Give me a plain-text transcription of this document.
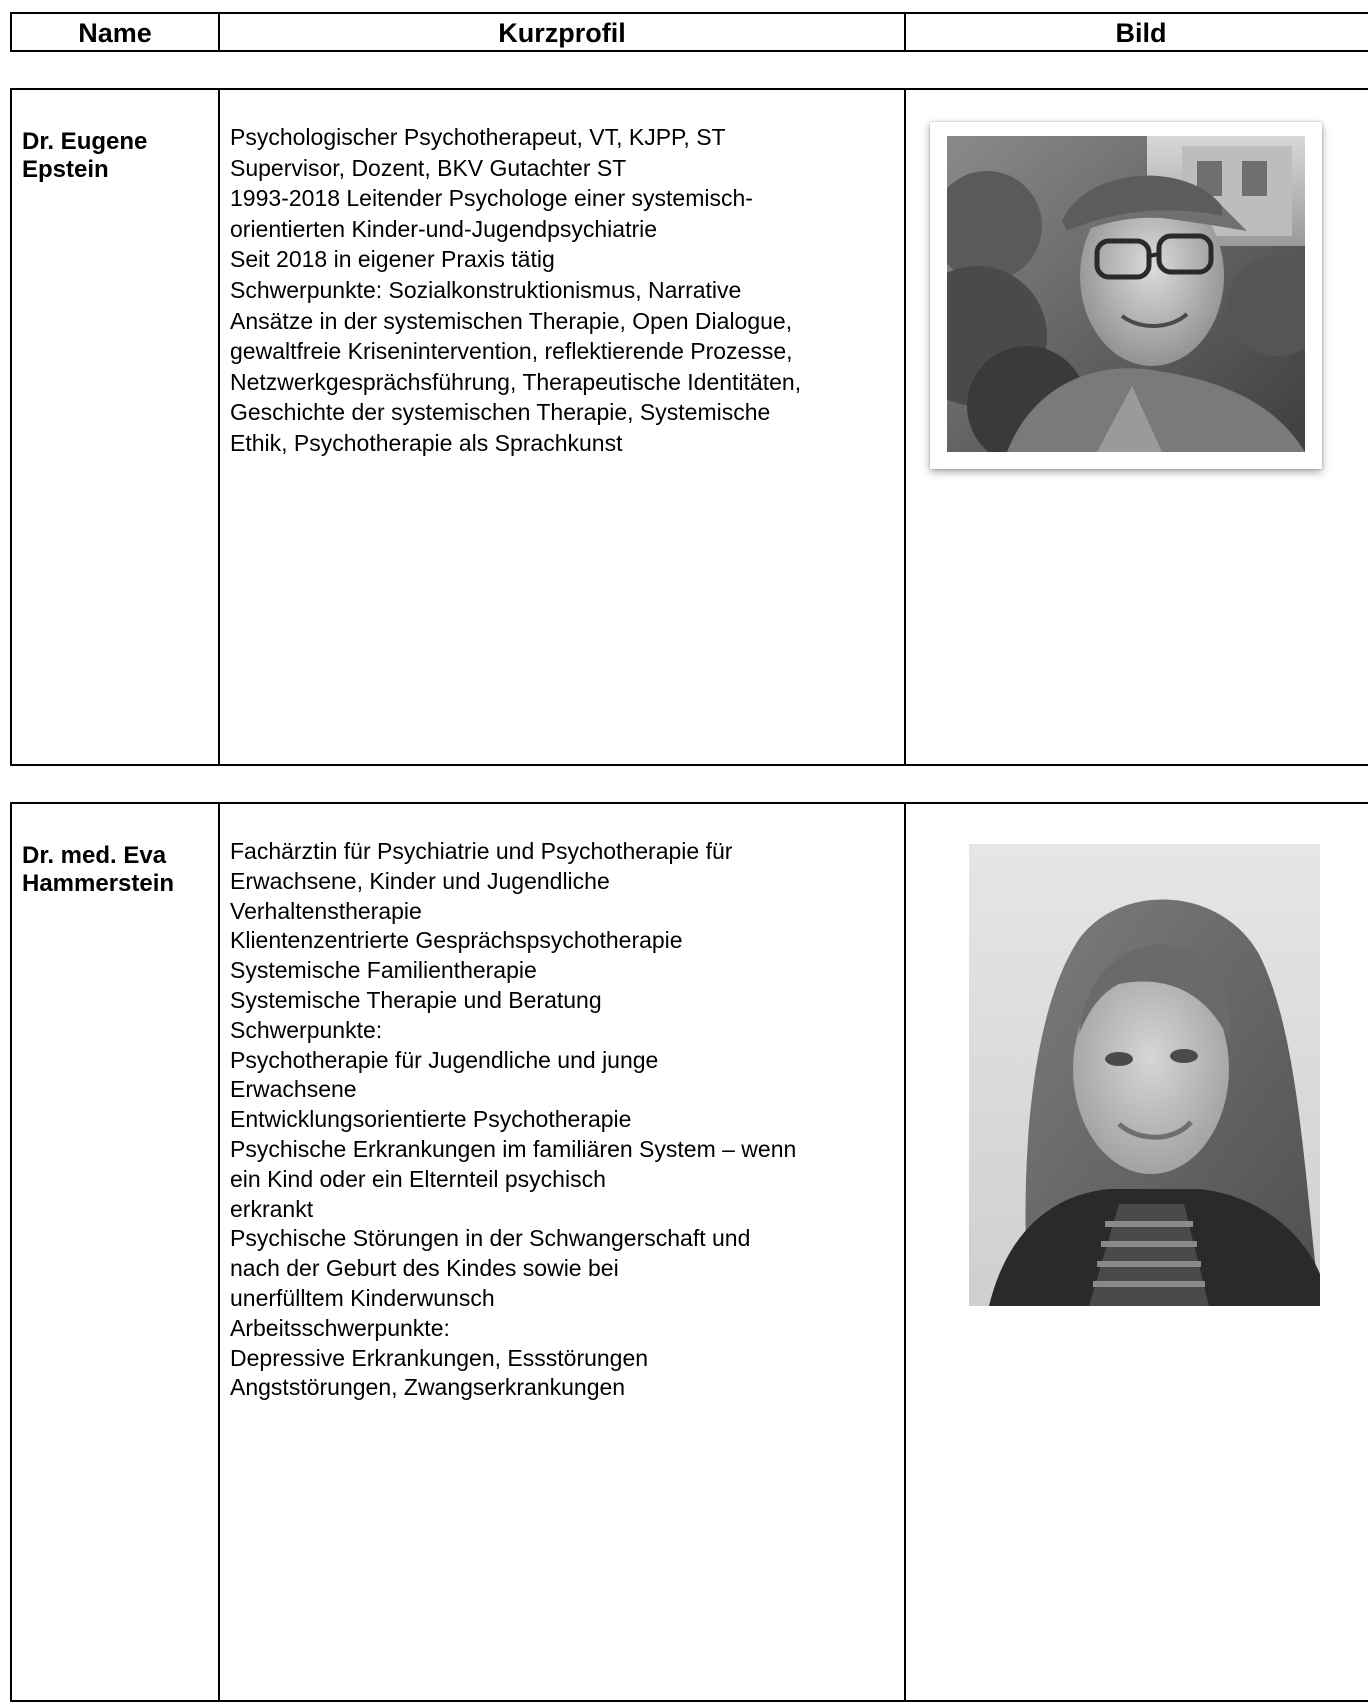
Name	Kurzprofil	Bild
Dr. Eugene
Epstein
Psychologischer Psychotherapeut, VT, KJPP, ST
Supervisor, Dozent, BKV Gutachter ST
1993-2018 Leitender Psychologe einer systemisch-
orientierten Kinder-und-Jugendpsychiatrie
Seit 2018 in eigener Praxis tätig
Schwerpunkte: Sozialkonstruktionismus, Narrative
Ansätze in der systemischen Therapie, Open Dialogue,
gewaltfreie Krisenintervention, reflektierende Prozesse,
Netzwerkgesprächsführung, Therapeutische Identitäten,
Geschichte der systemischen Therapie, Systemische
Ethik, Psychotherapie als Sprachkunst
Dr. med. Eva
Hammerstein
Fachärztin für Psychiatrie und Psychotherapie für
Erwachsene, Kinder und Jugendliche
Verhaltenstherapie
Klientenzentrierte Gesprächspsychotherapie
Systemische Familientherapie
Systemische Therapie und Beratung
Schwerpunkte:
Psychotherapie für Jugendliche und junge
Erwachsene
Entwicklungsorientierte Psychotherapie
Psychische Erkrankungen im familiären System – wenn
ein Kind oder ein Elternteil psychisch
erkrankt
Psychische Störungen in der Schwangerschaft und
nach der Geburt des Kindes sowie bei
unerfülltem Kinderwunsch
Arbeitsschwerpunkte:
Depressive Erkrankungen, Essstörungen
Angststörungen, Zwangserkrankungen
